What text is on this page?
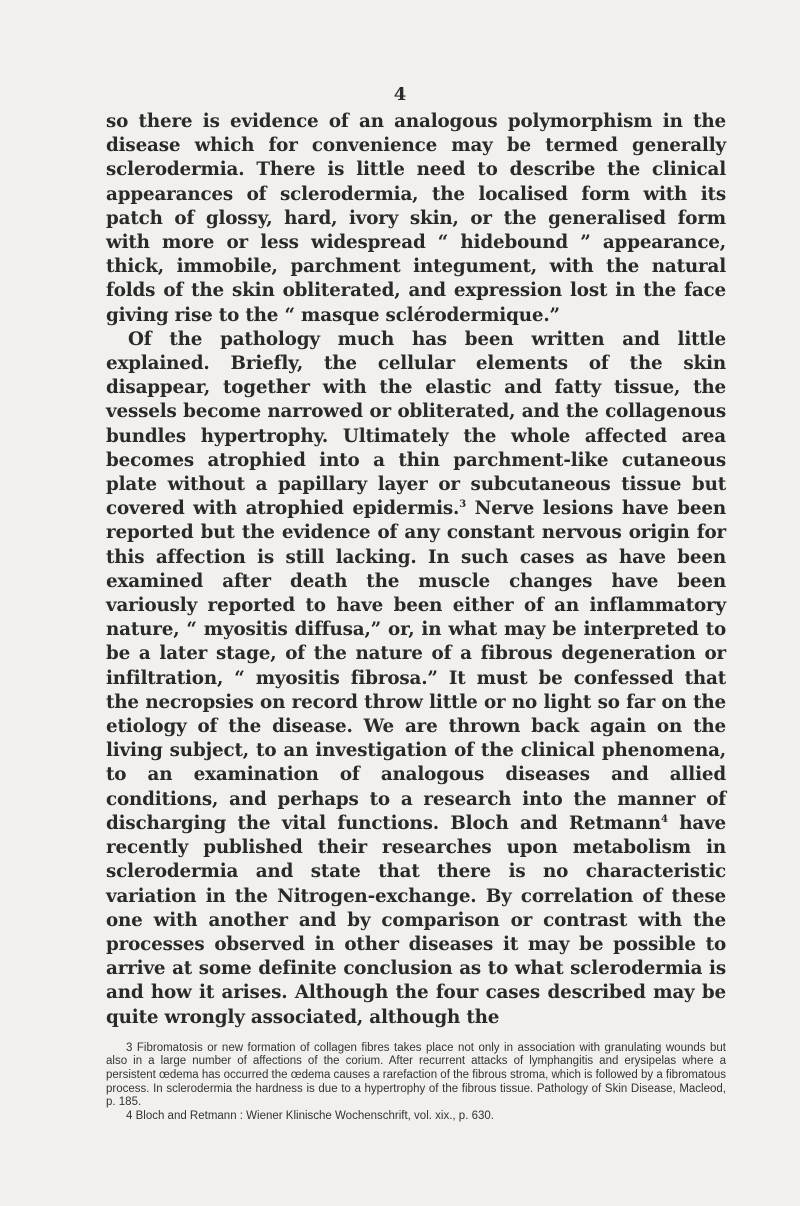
4

so there is evidence of an analogous polymorphism in the disease which for convenience may be termed generally sclerodermia. There is little need to describe the clinical appearances of sclerodermia, the localised form with its patch of glossy, hard, ivory skin, or the generalised form with more or less widespread “ hidebound ” appearance, thick, immobile, parchment integument, with the natural folds of the skin obliterated, and expression lost in the face giving rise to the “ masque sclérodermique.”

Of the pathology much has been written and little explained. Briefly, the cellular elements of the skin disappear, together with the elastic and fatty tissue, the vessels become narrowed or obliterated, and the collagenous bundles hypertrophy. Ultimately the whole affected area becomes atrophied into a thin parchment-like cutaneous plate without a papillary layer or subcutaneous tissue but covered with atrophied epidermis.$^3$ Nerve lesions have been reported but the evidence of any constant nervous origin for this affection is still lacking. In such cases as have been examined after death the muscle changes have been variously reported to have been either of an inflammatory nature, “ myositis diffusa,” or, in what may be interpreted to be a later stage, of the nature of a fibrous degeneration or infiltration, “ myositis fibrosa.” It must be confessed that the necropsies on record throw little or no light so far on the etiology of the disease. We are thrown back again on the living subject, to an investigation of the clinical phenomena, to an examination of analogous diseases and allied conditions, and perhaps to a research into the manner of discharging the vital functions. Bloch and Retmann$^4$ have recently published their researches upon metabolism in sclerodermia and state that there is no characteristic variation in the Nitrogen-exchange. By correlation of these one with another and by comparison or contrast with the processes observed in other diseases it may be possible to arrive at some definite conclusion as to what sclerodermia is and how it arises. Although the four cases described may be quite wrongly associated, although the

3 Fibromatosis or new formation of collagen fibres takes place not only in association with granulating wounds but also in a large number of affections of the corium. After recurrent attacks of lymphangitis and erysipelas where a persistent œdema has occurred the œdema causes a rarefaction of the fibrous stroma, which is followed by a fibromatous process. In sclerodermia the hardness is due to a hypertrophy of the fibrous tissue. Pathology of Skin Disease, Macleod, p. 185.

4 Bloch and Retmann : Wiener Klinische Wochenschrift, vol. xix., p. 630.
